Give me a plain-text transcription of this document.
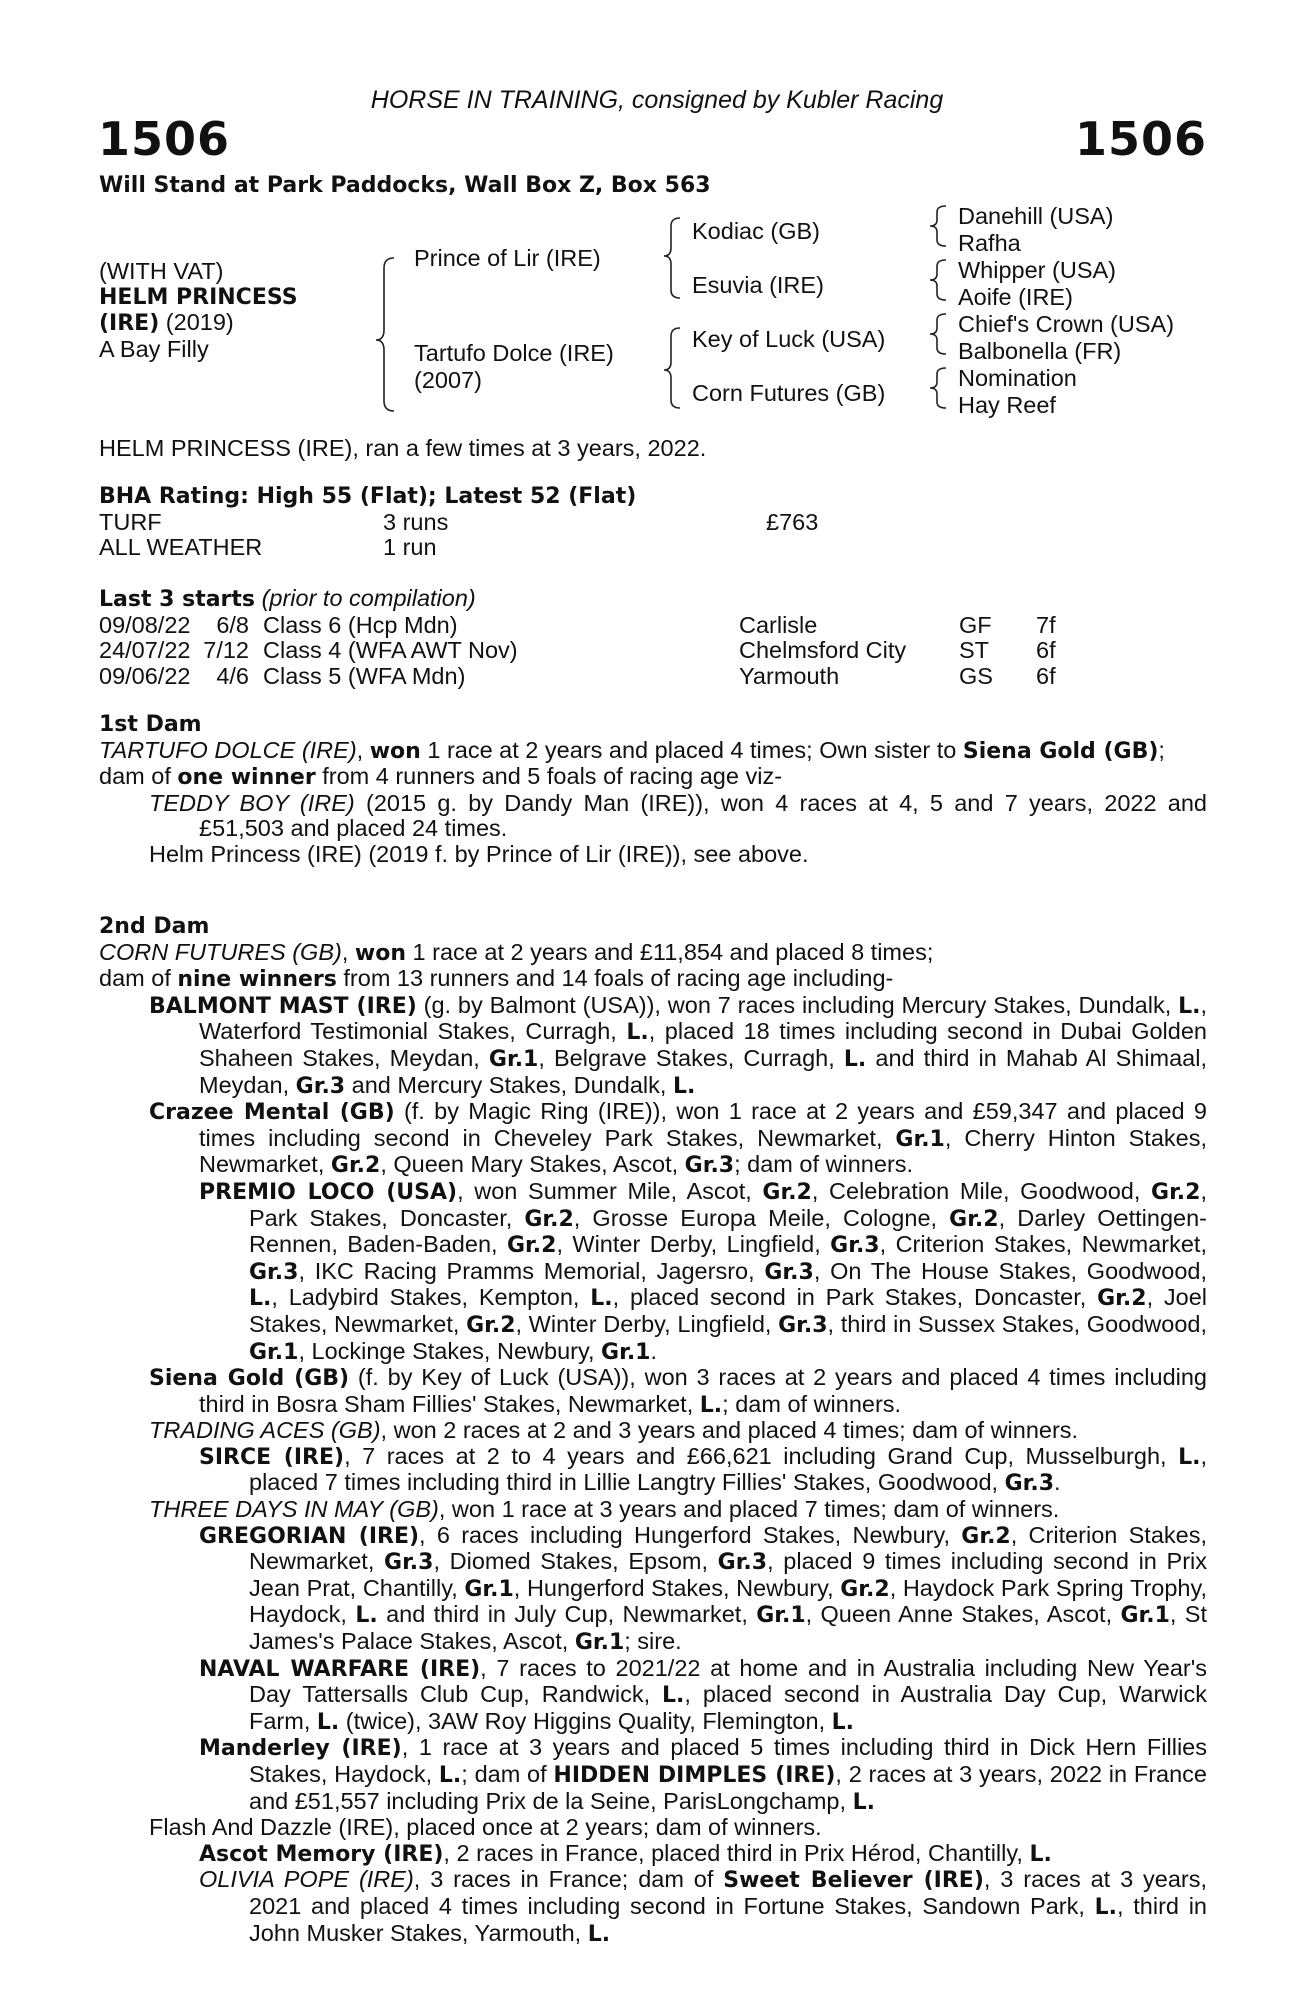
HORSE IN TRAINING, consigned by Kubler Racing
1506	1506
Will Stand at Park Paddocks, Wall Box Z, Box 563
(WITH VAT)
HELM PRINCESS
(IRE) (2019)
A Bay Filly
Prince of Lir (IRE)
Tartufo Dolce (IRE)
(2007)
Kodiac (GB)
Esuvia (IRE)
Key of Luck (USA)
Corn Futures (GB)
Danehill (USA)
Rafha
Whipper (USA)
Aoife (IRE)
Chief's Crown (USA)
Balbonella (FR)
Nomination
Hay Reef
HELM PRINCESS (IRE), ran a few times at 3 years, 2022.
BHA Rating: High 55 (Flat); Latest 52 (Flat)
TURF	3 runs	£763
ALL WEATHER	1 run
Last 3 starts (prior to compilation)
09/08/22	6/8 Class 6 (Hcp Mdn)	Carlisle	GF	7f
24/07/22 7/12 Class 4 (WFA AWT Nov)	Chelmsford City	ST	6f
09/06/22	4/6 Class 5 (WFA Mdn)	Yarmouth	GS	6f
1st Dam

TARTUFO DOLCE (IRE), won 1 race at 2 years and placed 4 times; Own sister to Siena Gold (GB);

dam of one winner from 4 runners and 5 foals of racing age viz-

TEDDY BOY (IRE) (2015 g. by Dandy Man (IRE)), won 4 races at 4, 5 and 7 years, 2022 and £51,503 and placed 24 times.

Helm Princess (IRE) (2019 f. by Prince of Lir (IRE)), see above.

2nd Dam

CORN FUTURES (GB), won 1 race at 2 years and £11,854 and placed 8 times;

dam of nine winners from 13 runners and 14 foals of racing age including-

BALMONT MAST (IRE) (g. by Balmont (USA)), won 7 races including Mercury Stakes, Dundalk, L., Waterford Testimonial Stakes, Curragh, L., placed 18 times including second in Dubai Golden Shaheen Stakes, Meydan, Gr.1, Belgrave Stakes, Curragh, L. and third in Mahab Al Shimaal, Meydan, Gr.3 and Mercury Stakes, Dundalk, L.

Crazee Mental (GB) (f. by Magic Ring (IRE)), won 1 race at 2 years and £59,347 and placed 9 times including second in Cheveley Park Stakes, Newmarket, Gr.1, Cherry Hinton Stakes, Newmarket, Gr.2, Queen Mary Stakes, Ascot, Gr.3; dam of winners.

PREMIO LOCO (USA), won Summer Mile, Ascot, Gr.2, Celebration Mile, Goodwood, Gr.2, Park Stakes, Doncaster, Gr.2, Grosse Europa Meile, Cologne, Gr.2, Darley Oettingen-Rennen, Baden-Baden, Gr.2, Winter Derby, Lingfield, Gr.3, Criterion Stakes, Newmarket, Gr.3, IKC Racing Pramms Memorial, Jagersro, Gr.3, On The House Stakes, Goodwood, L., Ladybird Stakes, Kempton, L., placed second in Park Stakes, Doncaster, Gr.2, Joel Stakes, Newmarket, Gr.2, Winter Derby, Lingfield, Gr.3, third in Sussex Stakes, Goodwood, Gr.1, Lockinge Stakes, Newbury, Gr.1.

Siena Gold (GB) (f. by Key of Luck (USA)), won 3 races at 2 years and placed 4 times including third in Bosra Sham Fillies' Stakes, Newmarket, L.; dam of winners.

TRADING ACES (GB), won 2 races at 2 and 3 years and placed 4 times; dam of winners.

SIRCE (IRE), 7 races at 2 to 4 years and £66,621 including Grand Cup, Musselburgh, L., placed 7 times including third in Lillie Langtry Fillies' Stakes, Goodwood, Gr.3.

THREE DAYS IN MAY (GB), won 1 race at 3 years and placed 7 times; dam of winners.

GREGORIAN (IRE), 6 races including Hungerford Stakes, Newbury, Gr.2, Criterion Stakes, Newmarket, Gr.3, Diomed Stakes, Epsom, Gr.3, placed 9 times including second in Prix Jean Prat, Chantilly, Gr.1, Hungerford Stakes, Newbury, Gr.2, Haydock Park Spring Trophy, Haydock, L. and third in July Cup, Newmarket, Gr.1, Queen Anne Stakes, Ascot, Gr.1, St James's Palace Stakes, Ascot, Gr.1; sire.

NAVAL WARFARE (IRE), 7 races to 2021/22 at home and in Australia including New Year's Day Tattersalls Club Cup, Randwick, L., placed second in Australia Day Cup, Warwick Farm, L. (twice), 3AW Roy Higgins Quality, Flemington, L.

Manderley (IRE), 1 race at 3 years and placed 5 times including third in Dick Hern Fillies Stakes, Haydock, L.; dam of HIDDEN DIMPLES (IRE), 2 races at 3 years, 2022 in France and £51,557 including Prix de la Seine, ParisLongchamp, L.

Flash And Dazzle (IRE), placed once at 2 years; dam of winners.

Ascot Memory (IRE), 2 races in France, placed third in Prix Hérod, Chantilly, L.

OLIVIA POPE (IRE), 3 races in France; dam of Sweet Believer (IRE), 3 races at 3 years, 2021 and placed 4 times including second in Fortune Stakes, Sandown Park, L., third in John Musker Stakes, Yarmouth, L.
